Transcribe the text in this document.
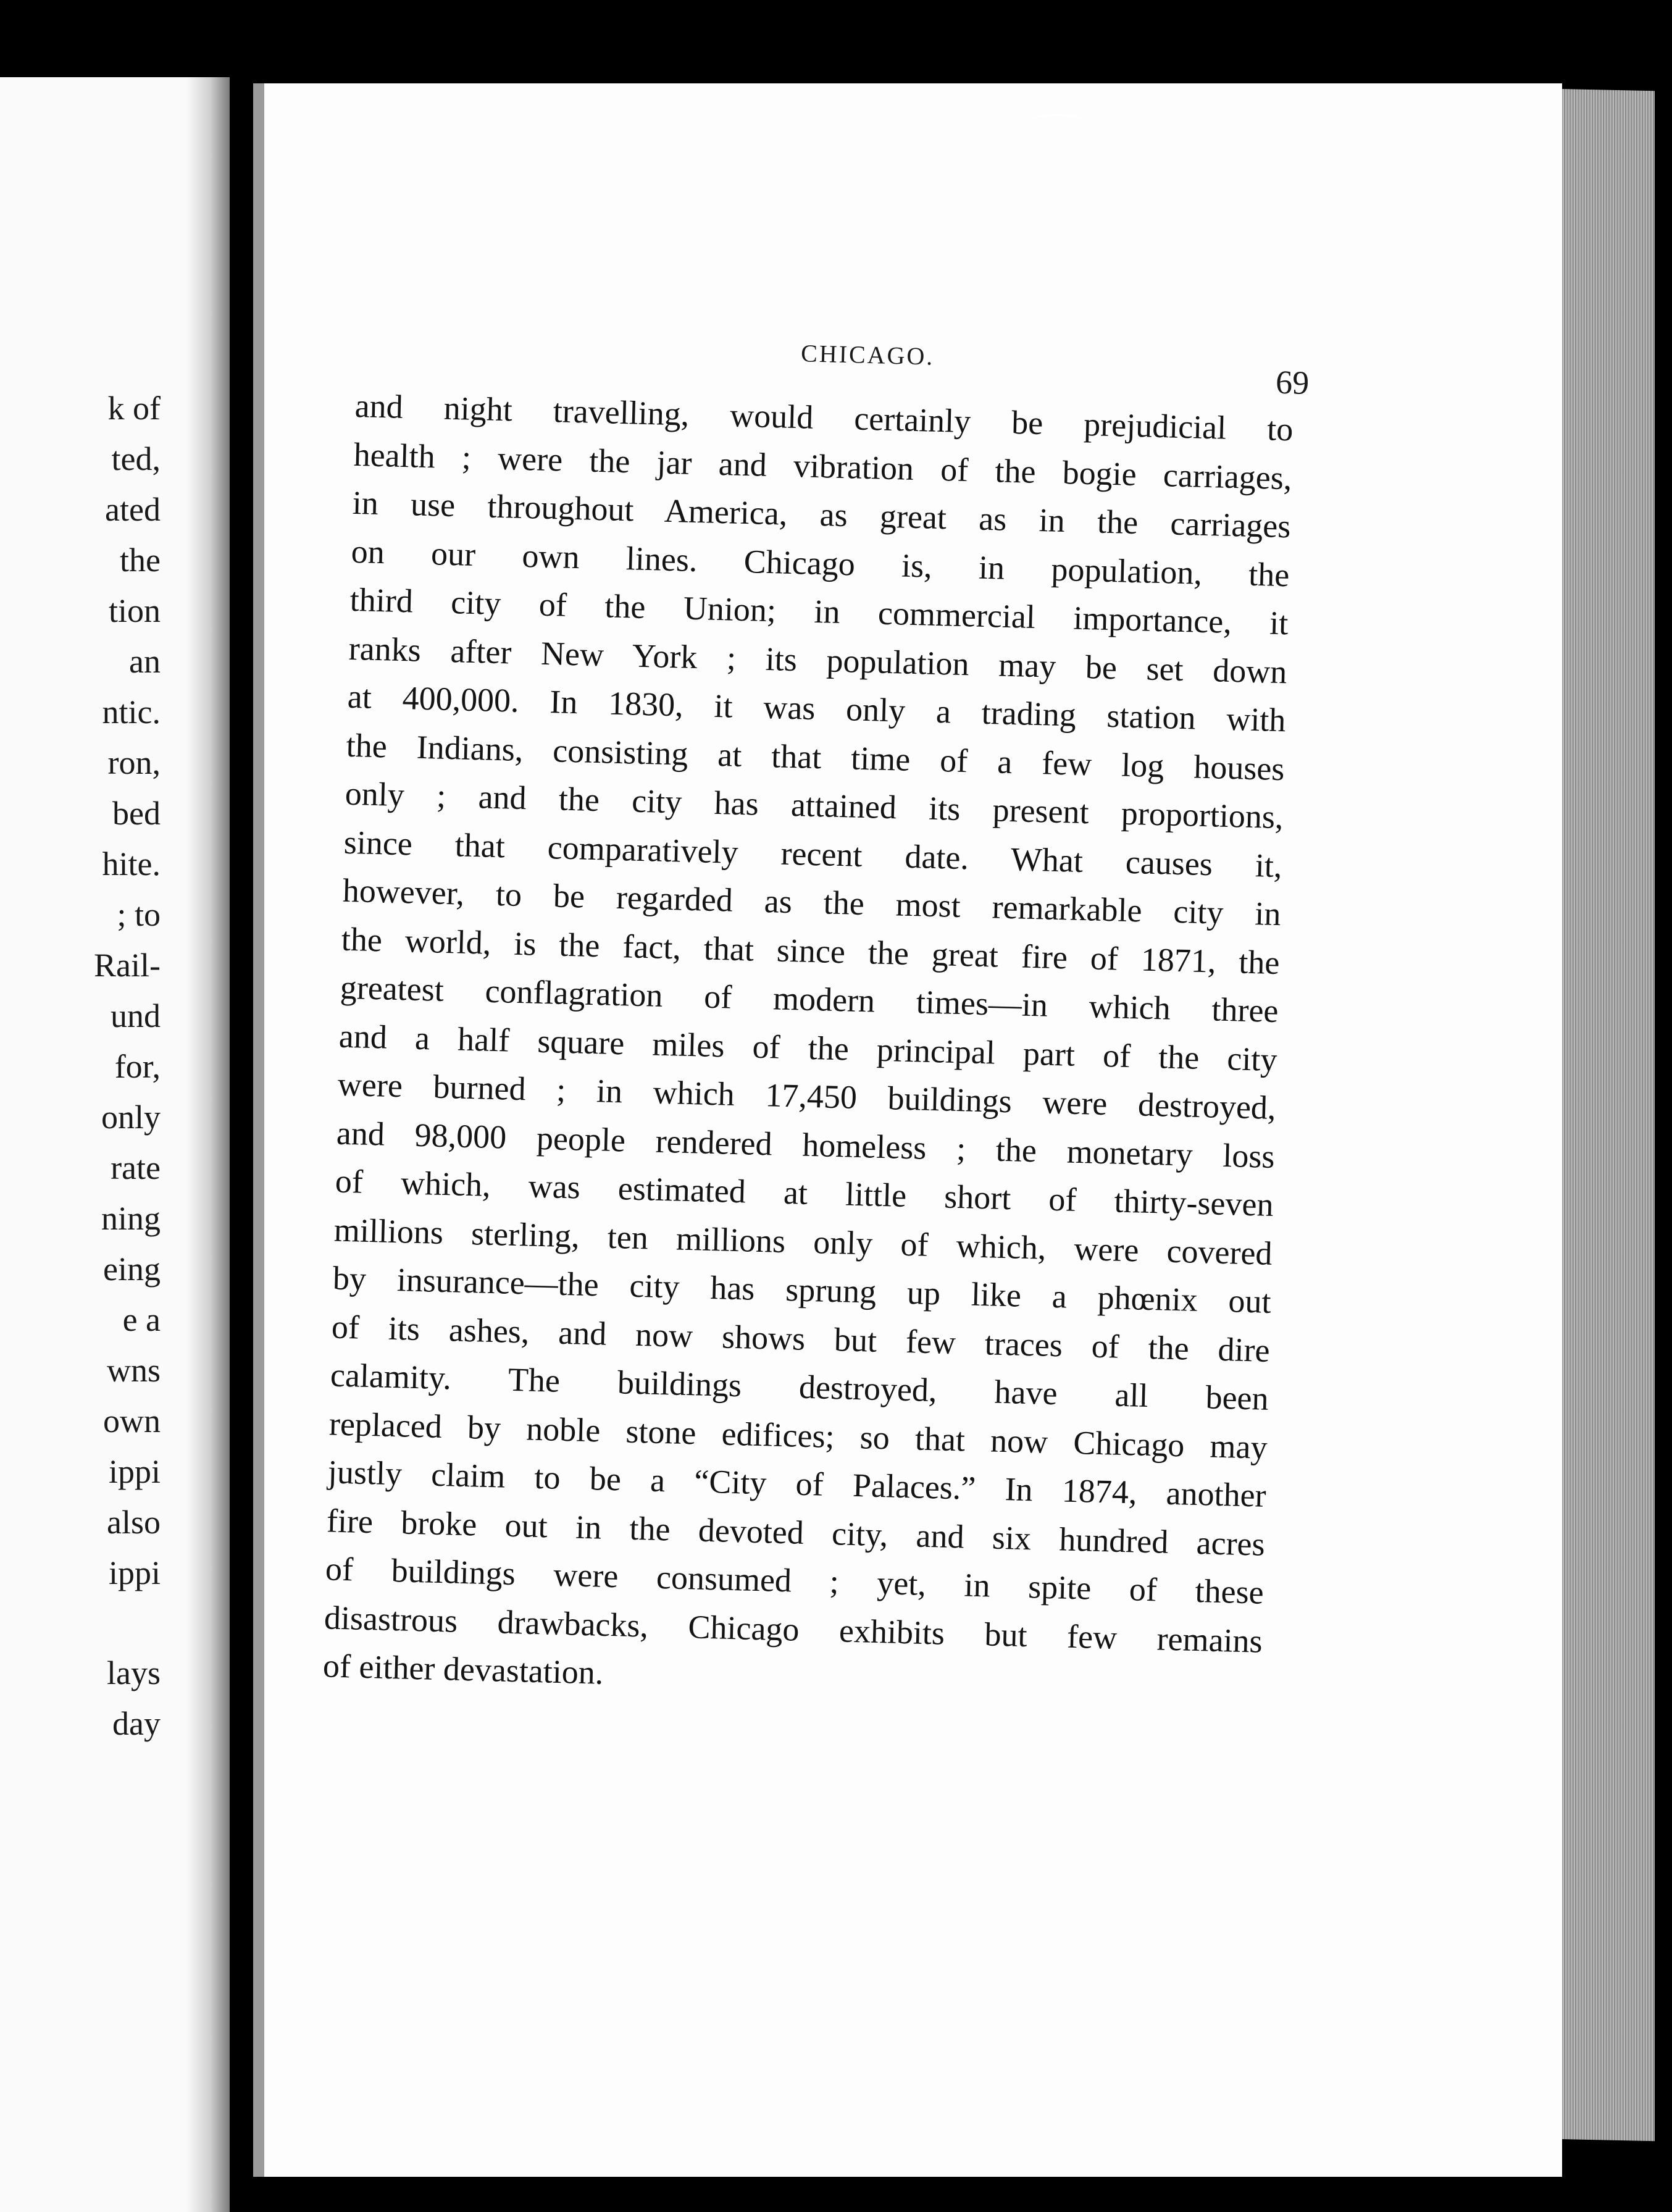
k of
ted,
ated
the
tion
an
ntic.
ron,
bed
hite.
; to
Rail-
und
for,
only
rate
ning
eing
e a
wns
own
ippi
also
ippi
lays
day
CHICAGO.
69
and night travelling, would certainly be prejudicial to
health ; were the jar and vibration of the bogie carriages,
in use throughout America, as great as in the carriages
on our own lines. Chicago is, in population, the
third city of the Union; in commercial importance, it
ranks after New York ; its population may be set down
at 400,000. In 1830, it was only a trading station with
the Indians, consisting at that time of a few log houses
only ; and the city has attained its present proportions,
since that comparatively recent date. What causes it,
however, to be regarded as the most remarkable city in
the world, is the fact, that since the great fire of 1871, the
greatest conflagration of modern times—in which three
and a half square miles of the principal part of the city
were burned ; in which 17,450 buildings were destroyed,
and 98,000 people rendered homeless ; the monetary loss
of which, was estimated at little short of thirty-seven
millions sterling, ten millions only of which, were covered
by insurance—the city has sprung up like a phœnix out
of its ashes, and now shows but few traces of the dire
calamity. The buildings destroyed, have all been
replaced by noble stone edifices; so that now Chicago may
justly claim to be a “City of Palaces.” In 1874, another
fire broke out in the devoted city, and six hundred acres
of buildings were consumed ; yet, in spite of these
disastrous drawbacks, Chicago exhibits but few remains
of either devastation.
